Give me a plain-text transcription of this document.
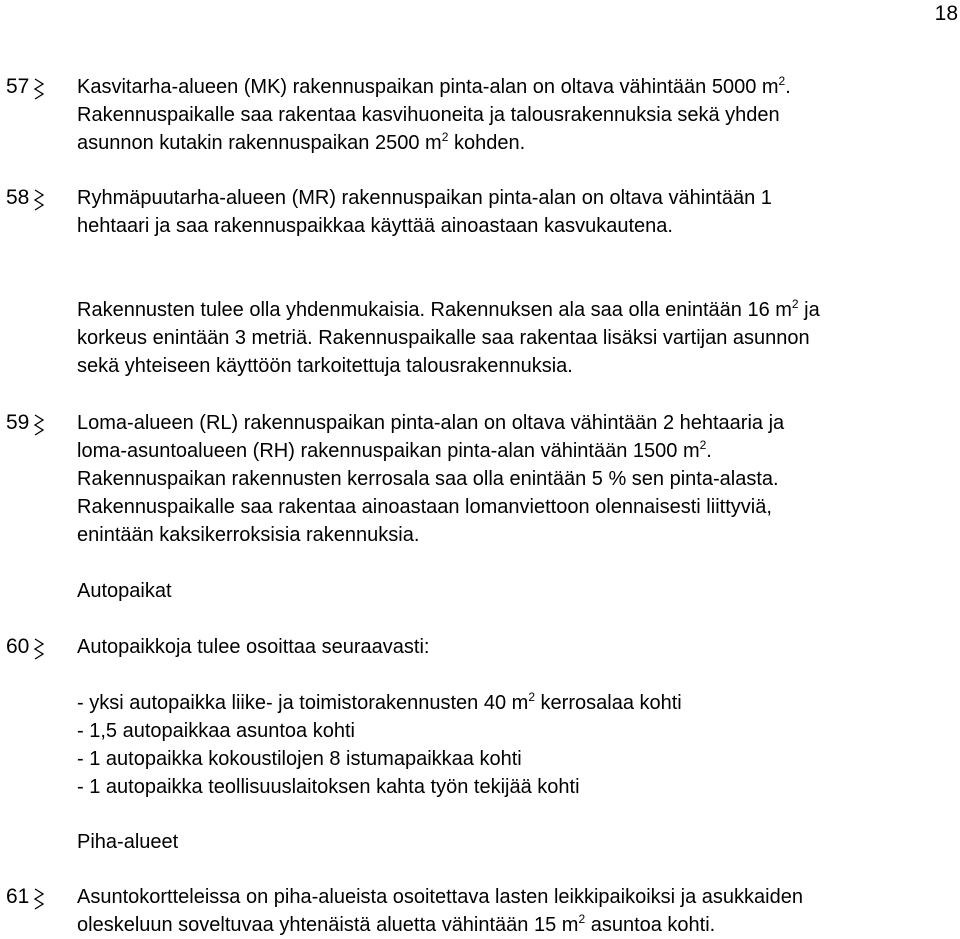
18
57 Kasvitarha-alueen (MK) rakennuspaikan pinta-alan on oltava vähintään 5000 $m^2$.
Rakennuspaikalle saa rakentaa kasvihuoneita ja talousrakennuksia sekä yhden
asunnon kutakin rakennuspaikan 2500 $m^2$ kohden.
58 Ryhmäpuutarha-alueen (MR) rakennuspaikan pinta-alan on oltava vähintään 1
hehtaari ja saa rakennuspaikkaa käyttää ainoastaan kasvukautena.
Rakennusten tulee olla yhdenmukaisia. Rakennuksen ala saa olla enintään 16 $m^2$ ja
korkeus enintään 3 metriä. Rakennuspaikalle saa rakentaa lisäksi vartijan asunnon
sekä yhteiseen käyttöön tarkoitettuja talousrakennuksia.
59 Loma-alueen (RL) rakennuspaikan pinta-alan on oltava vähintään 2 hehtaaria ja
loma-asuntoalueen (RH) rakennuspaikan pinta-alan vähintään 1500 $m^2$.
Rakennuspaikan rakennusten kerrosala saa olla enintään 5 % sen pinta-alasta.
Rakennuspaikalle saa rakentaa ainoastaan lomanviettoon olennaisesti liittyviä,
enintään kaksikerroksisia rakennuksia.
Autopaikat
60 Autopaikkoja tulee osoittaa seuraavasti:
- yksi autopaikka liike- ja toimistorakennusten 40 $m^2$ kerrosalaa kohti
- 1,5 autopaikkaa asuntoa kohti
- 1 autopaikka kokoustilojen 8 istumapaikkaa kohti
- 1 autopaikka teollisuuslaitoksen kahta työn tekijää kohti
Piha-alueet
61 Asuntokortteleissa on piha-alueista osoitettava lasten leikkipaikoiksi ja asukkaiden
oleskeluun soveltuvaa yhtenäistä aluetta vähintään 15 $m^2$ asuntoa kohti.
